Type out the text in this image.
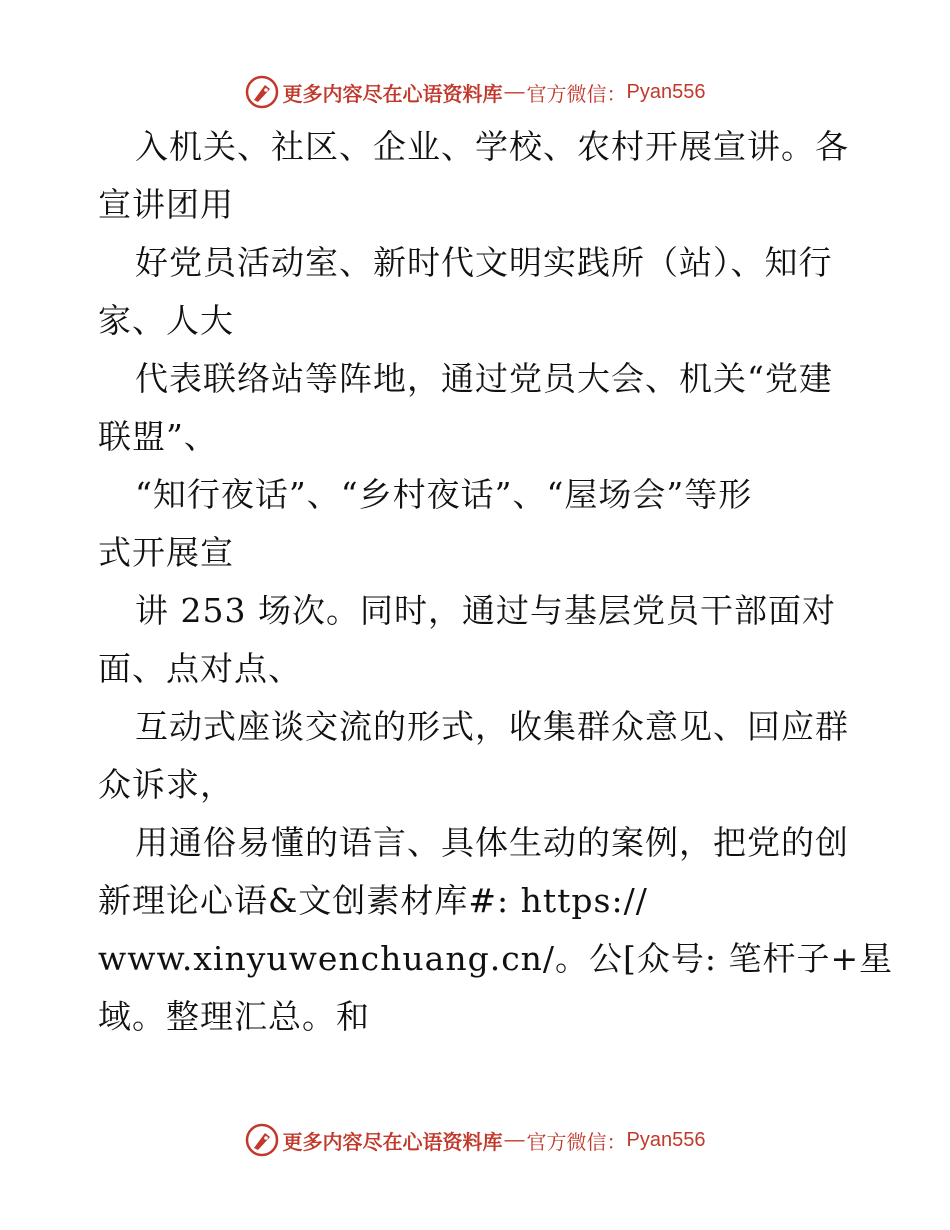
更多内容尽在心语资料库 — 官方微信： Pyan556
入机关、社区、企业、学校、农村开展宣讲。各
宣讲团用
好党员活动室、新时代文明实践所（站）、知行
家、人大
代表联络站等阵地，通过党员大会、机关“党建
联盟”、
“知行夜话”、“乡村夜话”、“屋场会”等形
式开展宣
讲 253 场次。同时，通过与基层党员干部面对
面、点对点、
互动式座谈交流的形式，收集群众意见、回应群
众诉求，
用通俗易懂的语言、具体生动的案例，把党的创
新理论心语&文创素材库#: https://
www.xinyuwenchuang.cn/。公[众号: 笔杆子+星
域。整理汇总。和
更多内容尽在心语资料库 — 官方微信： Pyan556
